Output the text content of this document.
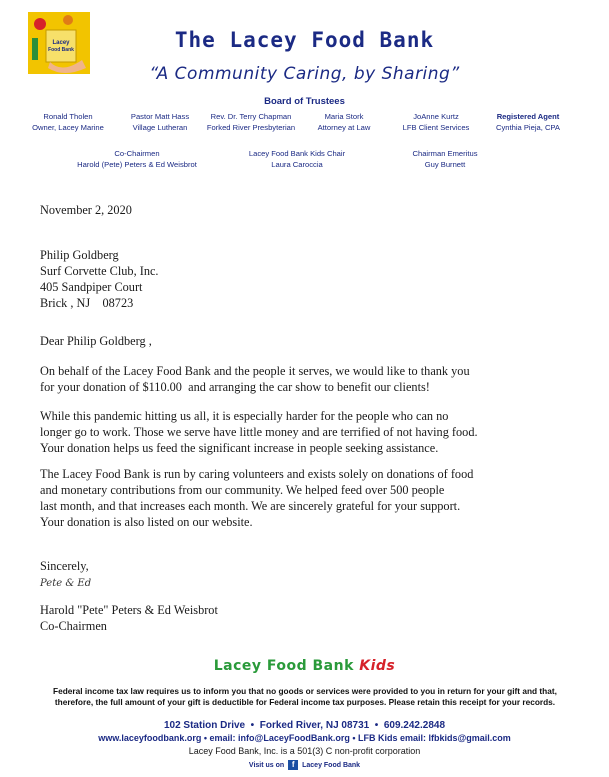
Lacey
Food Bank	The Lacey Food Bank
“A Community Caring, by Sharing”
Board of Trustees
Ronald Tholen
Owner, Lacey Marine
Pastor Matt Hass
Village Lutheran
Rev. Dr. Terry Chapman
Forked River Presbyterian
Maria Stork
Attorney at Law
JoAnne Kurtz
LFB Client Services
Registered Agent
Cynthia Pieja, CPA
Co-Chairmen
Harold (Pete) Peters & Ed Weisbrot
Lacey Food Bank Kids Chair
Laura Caroccia
Chairman Emeritus
Guy Burnett
November 2, 2020
Philip Goldberg
Surf Corvette Club, Inc.
405 Sandpiper Court
Brick , NJ    08723
Dear Philip Goldberg ,
On behalf of the Lacey Food Bank and the people it serves, we would like to thank you
for your donation of $110.00  and arranging the car show to benefit our clients!
While this pandemic hitting us all, it is especially harder for the people who can no
longer go to work. Those we serve have little money and are terrified of not having food.
Your donation helps us feed the significant increase in people seeking assistance.
The Lacey Food Bank is run by caring volunteers and exists solely on donations of food
and monetary contributions from our community. We helped feed over 500 people
last month, and that increases each month. We are sincerely grateful for your support.
Your donation is also listed on our website.
Sincerely,
Pete & Ed
Harold "Pete" Peters & Ed Weisbrot
Co-Chairmen
Lacey Food Bank Kids
Federal income tax law requires us to inform you that no goods or services were provided to you in return for your gift and that,
therefore, the full amount of your gift is deductible for Federal income tax purposes. Please retain this receipt for your records.
102 Station Drive  •  Forked River, NJ 08731  •  609.242.2848
www.laceyfoodbank.org • email: info@LaceyFoodBank.org • LFB Kids email: lfbkids@gmail.com
Lacey Food Bank, Inc. is a 501(3) C non-profit corporation
Visit us on f Lacey Food Bank
